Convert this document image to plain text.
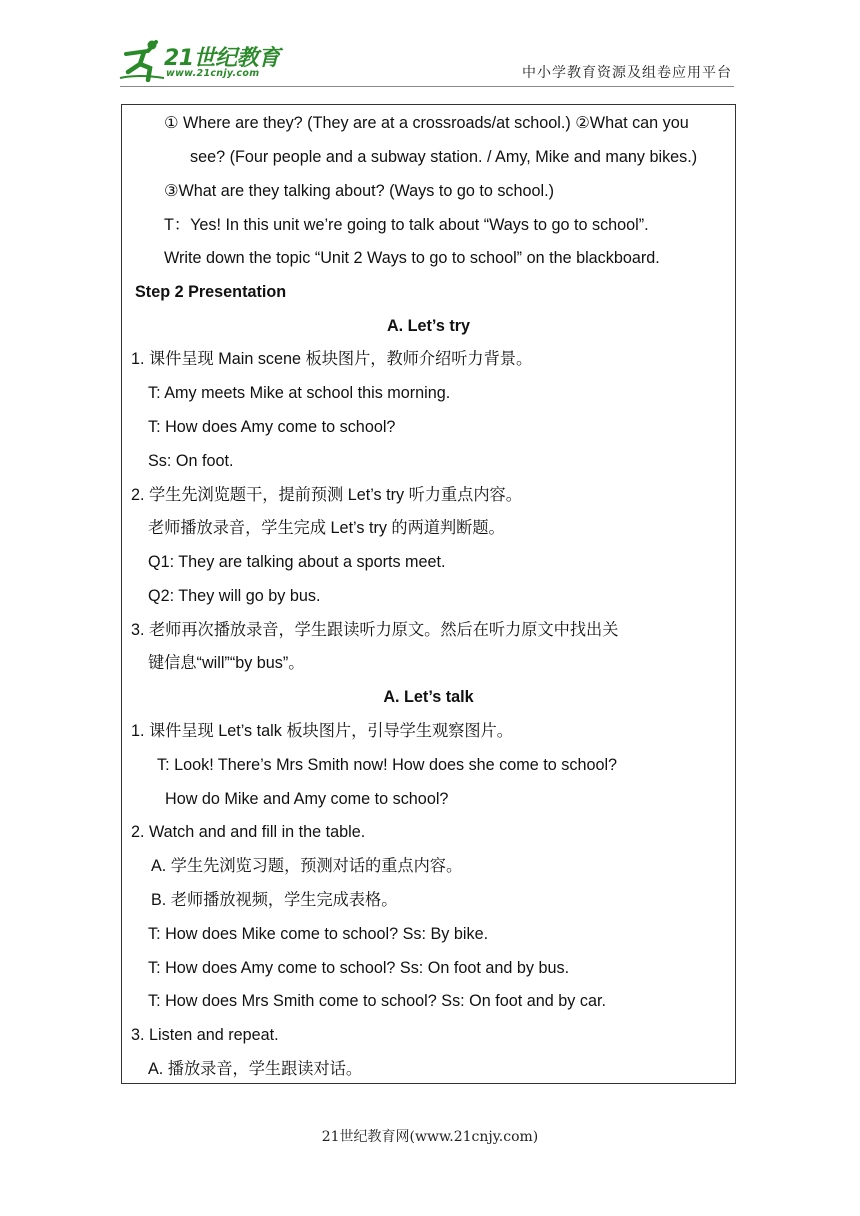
21世纪教育
www.21cnjy.com	中小学教育资源及组卷应用平台
① Where are they? (They are at a crossroads/at school.) ②What can you
see? (Four people and a subway station. / Amy, Mike and many bikes.)
③What are they talking about? (Ways to go to school.)
T：Yes! In this unit we’re going to talk about “Ways to go to school”.
Write down the topic “Unit 2 Ways to go to school” on the blackboard.
Step 2 Presentation
A. Let’s try
1. 课件呈现 Main scene 板块图片，教师介绍听力背景。
T: Amy meets Mike at school this morning.
T: How does Amy come to school?
Ss: On foot.
2. 学生先浏览题干，提前预测 Let’s try 听力重点内容。
老师播放录音，学生完成 Let’s try 的两道判断题。
Q1: They are talking about a sports meet.
Q2: They will go by bus.
3. 老师再次播放录音，学生跟读听力原文。然后在听力原文中找出关
键信息“will”“by bus”。
A. Let’s talk
1. 课件呈现 Let’s talk 板块图片，引导学生观察图片。
T: Look! There’s Mrs Smith now! How does she come to school?
How do Mike and Amy come to school?
2. Watch and and fill in the table.
A. 学生先浏览习题，预测对话的重点内容。
B. 老师播放视频，学生完成表格。
T: How does Mike come to school? Ss: By bike.
T: How does Amy come to school? Ss: On foot and by bus.
T: How does Mrs Smith come to school? Ss: On foot and by car.
3. Listen and repeat.
A. 播放录音，学生跟读对话。
21世纪教育网(www.21cnjy.com)
